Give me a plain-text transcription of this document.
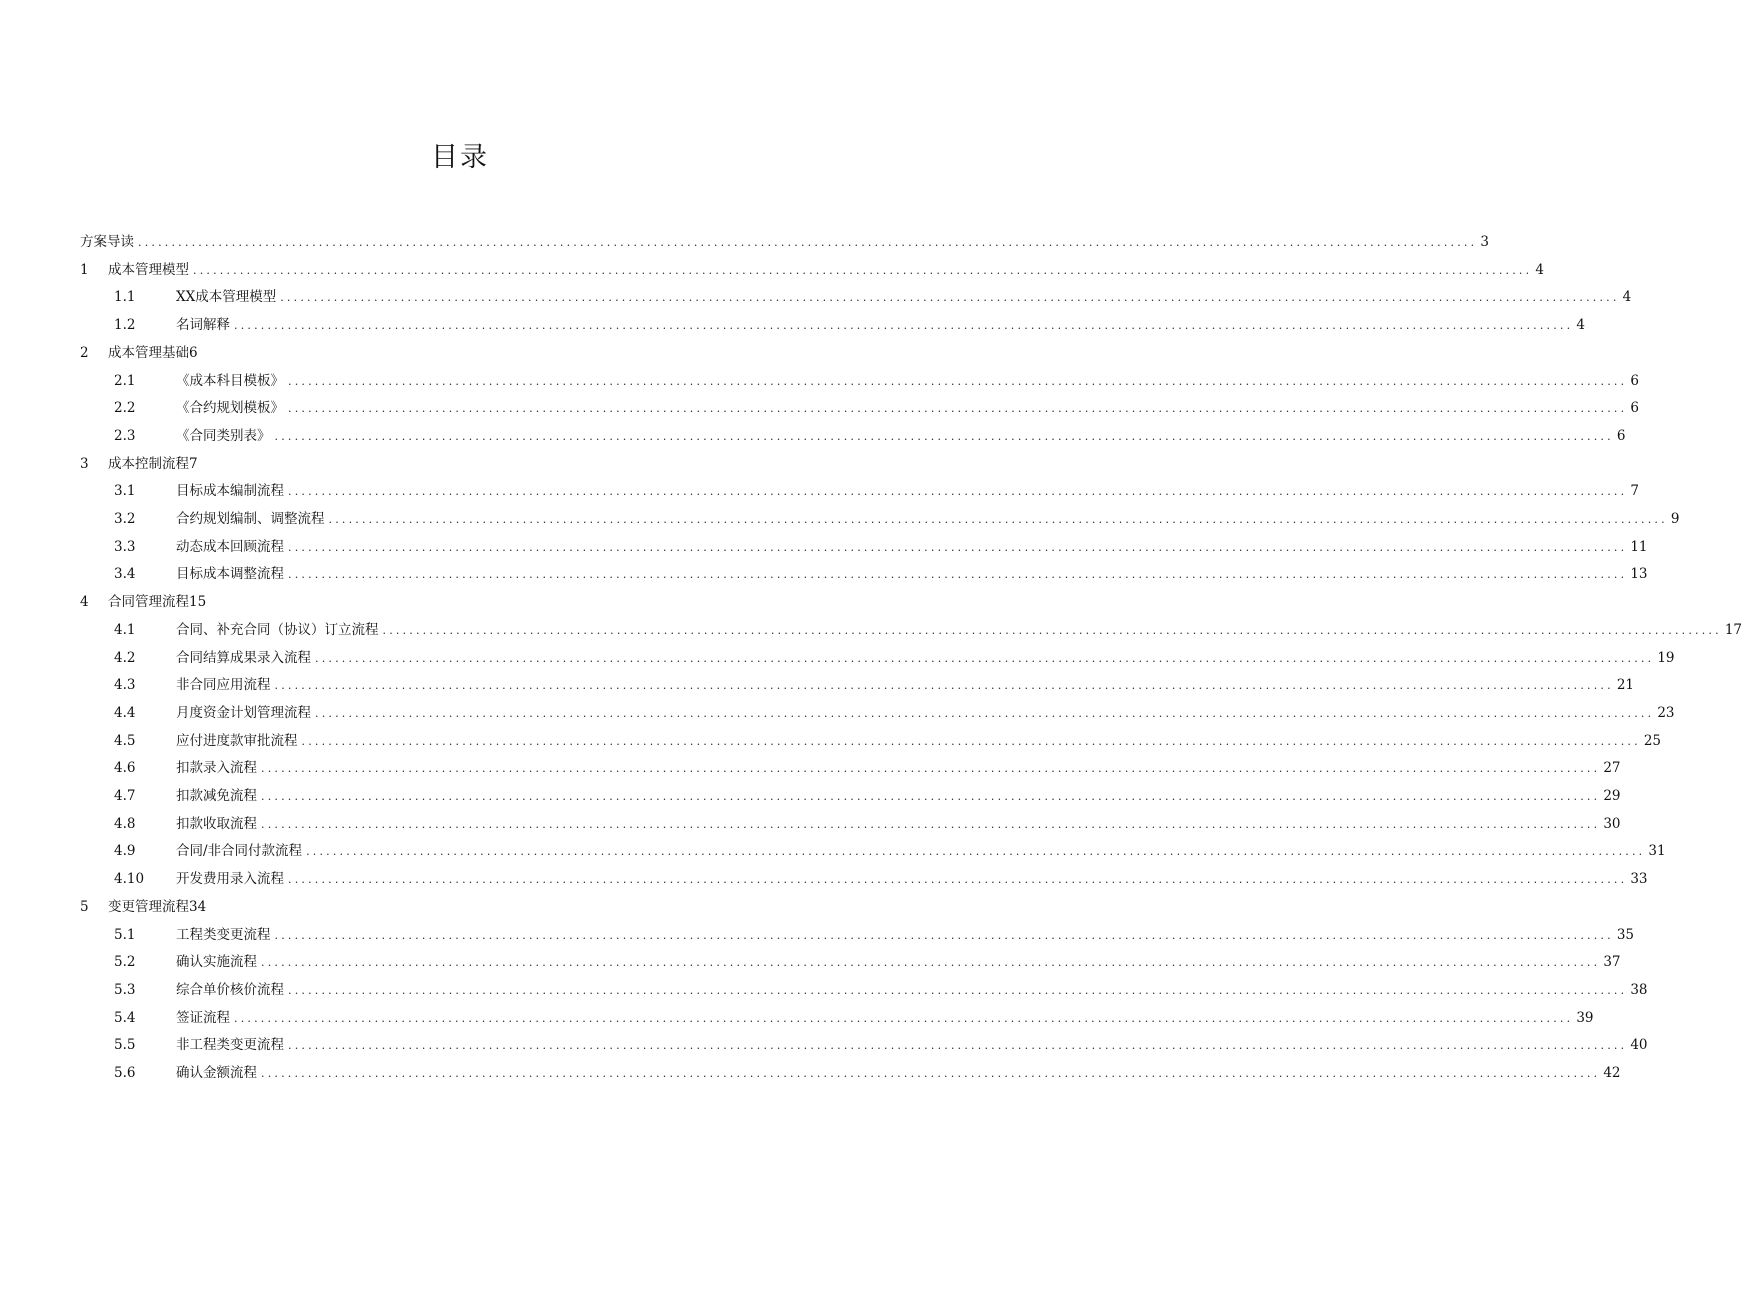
目录
方案导读 ........................................................................................................................................................................................................ 3
1	成本管理模型 ........................................................................................................................................................................................................ 4
1.1	XX成本管理模型 ........................................................................................................................................................................................................ 4
1.2	名词解释 ........................................................................................................................................................................................................ 4
2	成本管理基础6
2.1	《成本科目模板》 ........................................................................................................................................................................................................ 6
2.2	《合约规划模板》 ........................................................................................................................................................................................................ 6
2.3	《合同类别表》 ........................................................................................................................................................................................................ 6
3	成本控制流程7
3.1	目标成本编制流程 ........................................................................................................................................................................................................ 7
3.2	合约规划编制、调整流程 ........................................................................................................................................................................................................ 9
3.3	动态成本回顾流程 ........................................................................................................................................................................................................ 11
3.4	目标成本调整流程 ........................................................................................................................................................................................................ 13
4	合同管理流程15
4.1	合同、补充合同（协议）订立流程 ........................................................................................................................................................................................................ 17
4.2	合同结算成果录入流程 ........................................................................................................................................................................................................ 19
4.3	非合同应用流程 ........................................................................................................................................................................................................ 21
4.4	月度资金计划管理流程 ........................................................................................................................................................................................................ 23
4.5	应付进度款审批流程 ........................................................................................................................................................................................................ 25
4.6	扣款录入流程 ........................................................................................................................................................................................................ 27
4.7	扣款减免流程 ........................................................................................................................................................................................................ 29
4.8	扣款收取流程 ........................................................................................................................................................................................................ 30
4.9	合同/非合同付款流程 ........................................................................................................................................................................................................ 31
4.10	开发费用录入流程 ........................................................................................................................................................................................................ 33
5	变更管理流程34
5.1	工程类变更流程 ........................................................................................................................................................................................................ 35
5.2	确认实施流程 ........................................................................................................................................................................................................ 37
5.3	综合单价核价流程 ........................................................................................................................................................................................................ 38
5.4	签证流程 ........................................................................................................................................................................................................ 39
5.5	非工程类变更流程 ........................................................................................................................................................................................................ 40
5.6	确认金额流程 ........................................................................................................................................................................................................ 42
